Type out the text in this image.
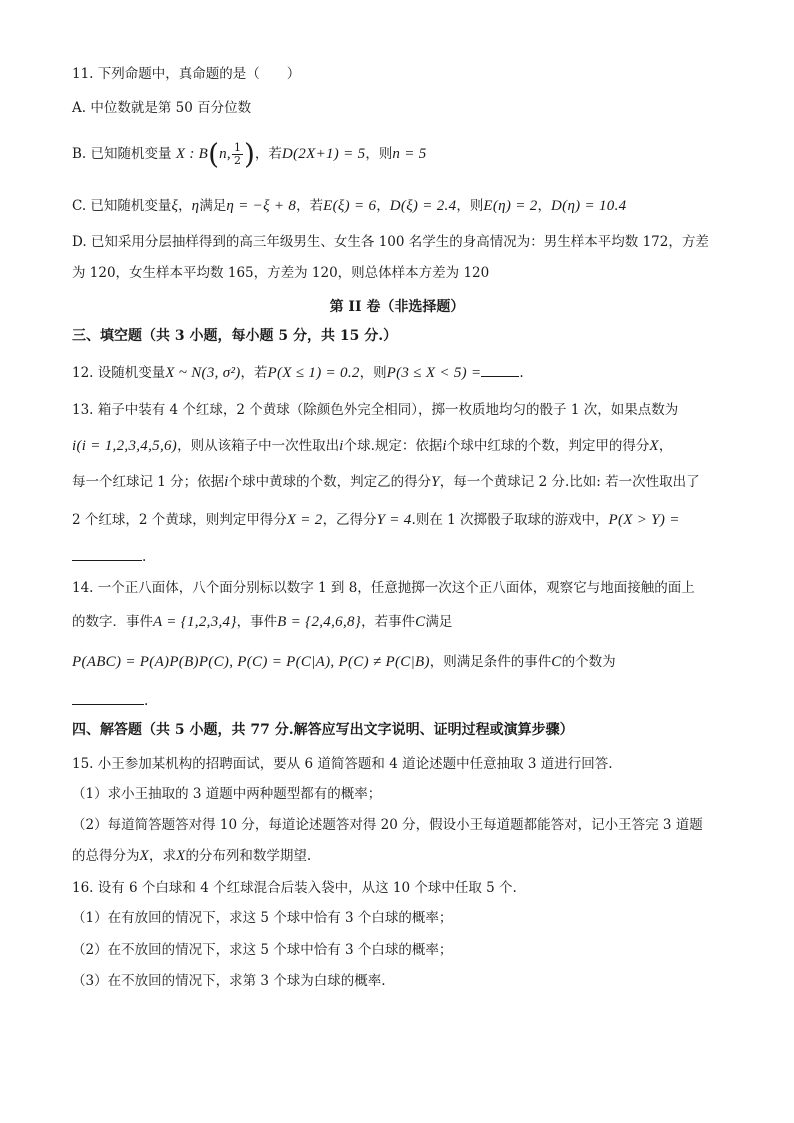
11. 下列命题中，真命题的是（　　）
A. 中位数就是第 50 百分位数
B. 已知随机变量 X : B(n, $\frac{1}{2}$ )，若D(2X+1) = 5，则n = 5
C. 已知随机变量ξ，η满足η = −ξ + 8，若E(ξ) = 6，D(ξ) = 2.4，则E(η) = 2，D(η) = 10.4
D. 已知采用分层抽样得到的高三年级男生、女生各 100 名学生的身高情况为：男生样本平均数 172，方差
为 120，女生样本平均数 165，方差为 120，则总体样本方差为 120
第 II 卷（非选择题）
三、填空题（共 3 小题，每小题 5 分，共 15 分.）
12. 设随机变量X ~ N(3, σ²)，若P(X ≤ 1) = 0.2，则P(3 ≤ X < 5) =	.
13. 箱子中装有 4 个红球，2 个黄球（除颜色外完全相同），掷一枚质地均匀的骰子 1 次，如果点数为
i(i = 1,2,3,4,5,6)，则从该箱子中一次性取出i个球.规定：依据i个球中红球的个数，判定甲的得分X，
每一个红球记 1 分；依据i个球中黄球的个数，判定乙的得分Y，每一个黄球记 2 分.比如: 若一次性取出了
2 个红球，2 个黄球，则判定甲得分X = 2，乙得分Y = 4.则在 1 次掷骰子取球的游戏中，P(X > Y) =
.
14. 一个正八面体，八个面分别标以数字 1 到 8，任意抛掷一次这个正八面体，观察它与地面接触的面上
的数字．事件A = {1,2,3,4}，事件B = {2,4,6,8}，若事件C满足
P(ABC) = P(A)P(B)P(C), P(C) = P(C|A), P(C) ≠ P(C|B)，则满足条件的事件C的个数为
.
四、解答题（共 5 小题，共 77 分.解答应写出文字说明、证明过程或演算步骤）
15. 小王参加某机构的招聘面试，要从 6 道简答题和 4 道论述题中任意抽取 3 道进行回答.
（1）求小王抽取的 3 道题中两种题型都有的概率；
（2）每道简答题答对得 10 分，每道论述题答对得 20 分，假设小王每道题都能答对，记小王答完 3 道题
的总得分为X，求X的分布列和数学期望.
16. 设有 6 个白球和 4 个红球混合后装入袋中，从这 10 个球中任取 5 个.
（1）在有放回的情况下，求这 5 个球中恰有 3 个白球的概率；
（2）在不放回的情况下，求这 5 个球中恰有 3 个白球的概率；
（3）在不放回的情况下，求第 3 个球为白球的概率.
